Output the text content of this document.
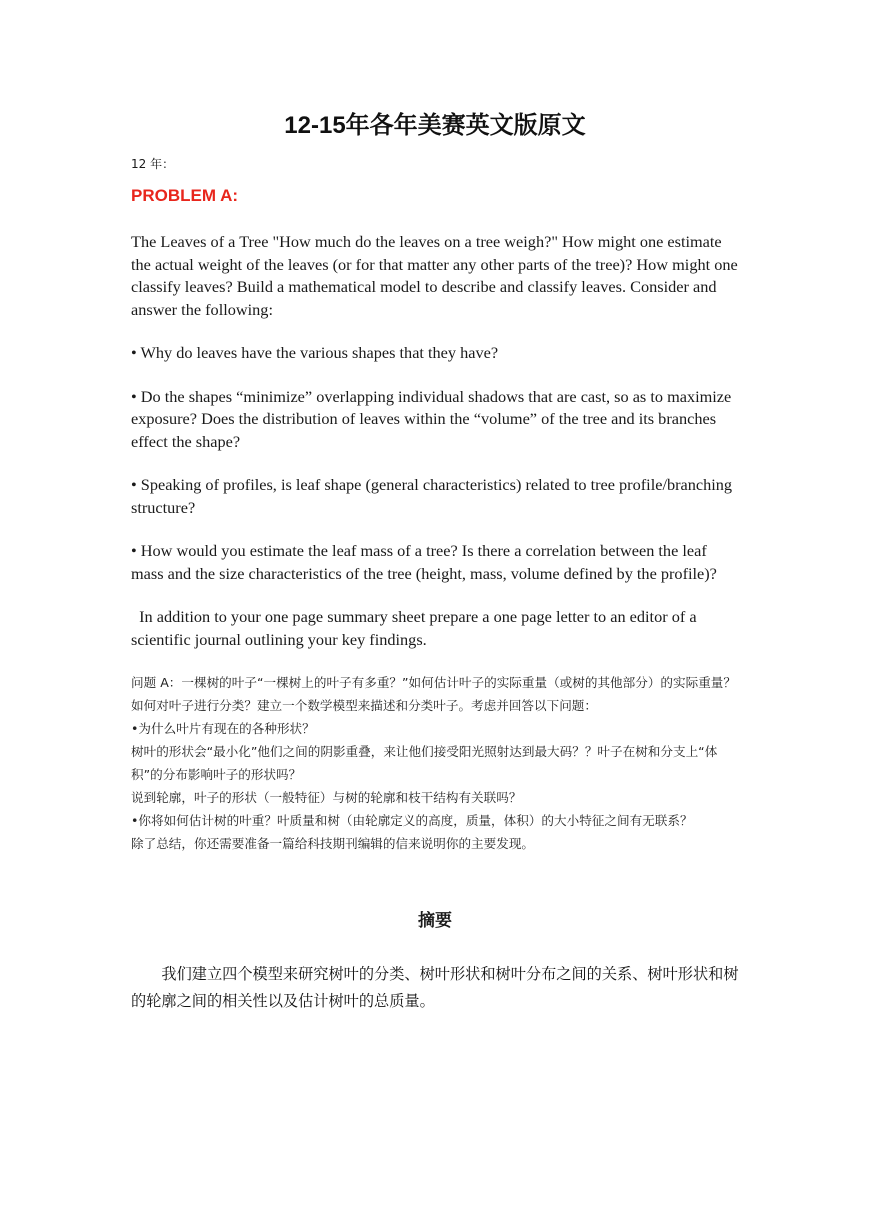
12-15年各年美赛英文版原文
12 年：
PROBLEM A:

The Leaves of a Tree "How much do the leaves on a tree weigh?" How might one estimate the actual weight of the leaves (or for that matter any other parts of the tree)? How might one classify leaves? Build a mathematical model to describe and classify leaves. Consider and answer the following:

• Why do leaves have the various shapes that they have?

• Do the shapes “minimize” overlapping individual shadows that are cast, so as to maximize exposure? Does the distribution of leaves within the “volume” of the tree and its branches effect the shape?

• Speaking of profiles, is leaf shape (general characteristics) related to tree profile/branching structure?

• How would you estimate the leaf mass of a tree? Is there a correlation between the leaf mass and the size characteristics of the tree (height, mass, volume defined by the profile)?

In addition to your one page summary sheet prepare a one page letter to an editor of a scientific journal outlining your key findings.

问题 A：一棵树的叶子“一棵树上的叶子有多重？”如何估计叶子的实际重量（或树的其他部分）的实际重量？如何对叶子进行分类？建立一个数学模型来描述和分类叶子。考虑并回答以下问题：

•为什么叶片有现在的各种形状？

树叶的形状会“最小化”他们之间的阴影重叠，来让他们接受阳光照射达到最大码？？叶子在树和分支上“体积”的分布影响叶子的形状吗？

说到轮廓，叶子的形状（一般特征）与树的轮廓和枝干结构有关联吗？

•你将如何估计树的叶重？叶质量和树（由轮廓定义的高度，质量，体积）的大小特征之间有无联系？

除了总结，你还需要准备一篇给科技期刊编辑的信来说明你的主要发现。

摘要

我们建立四个模型来研究树叶的分类、树叶形状和树叶分布之间的关系、树叶形状和树的轮廓之间的相关性以及估计树叶的总质量。
